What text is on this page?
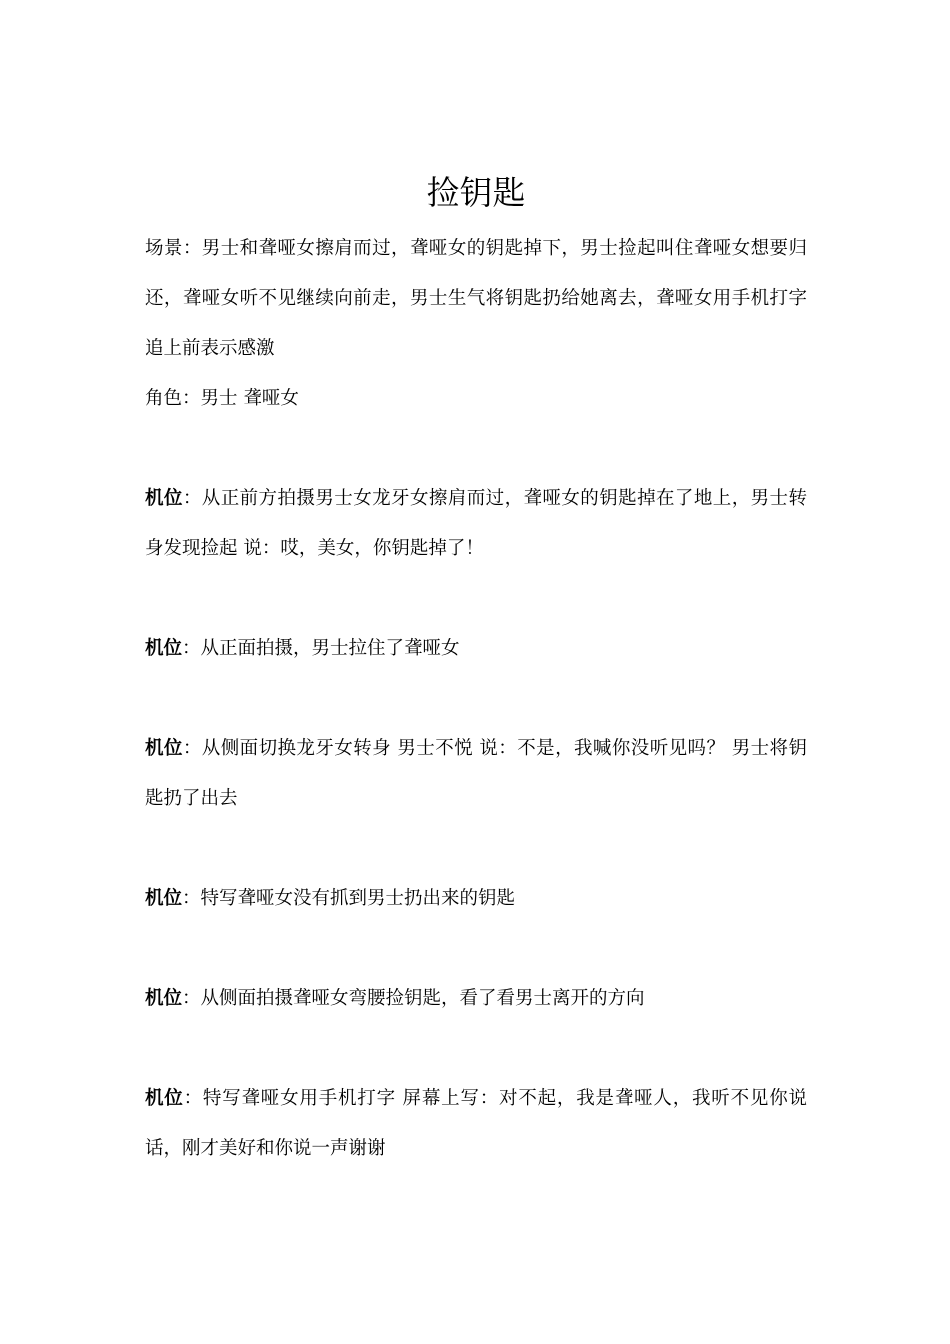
捡钥匙

场景：男士和聋哑女擦肩而过，聋哑女的钥匙掉下，男士捡起叫住聋哑女想要归还，聋哑女听不见继续向前走，男士生气将钥匙扔给她离去，聋哑女用手机打字追上前表示感激

角色：男士 聋哑女

机位：从正前方拍摄男士女龙牙女擦肩而过，聋哑女的钥匙掉在了地上，男士转身发现捡起 说：哎，美女，你钥匙掉了！

机位：从正面拍摄，男士拉住了聋哑女

机位：从侧面切换龙牙女转身 男士不悦 说：不是，我喊你没听见吗？ 男士将钥匙扔了出去

机位：特写聋哑女没有抓到男士扔出来的钥匙

机位：从侧面拍摄聋哑女弯腰捡钥匙，看了看男士离开的方向

机位：特写聋哑女用手机打字 屏幕上写：对不起，我是聋哑人，我听不见你说话，刚才美好和你说一声谢谢
